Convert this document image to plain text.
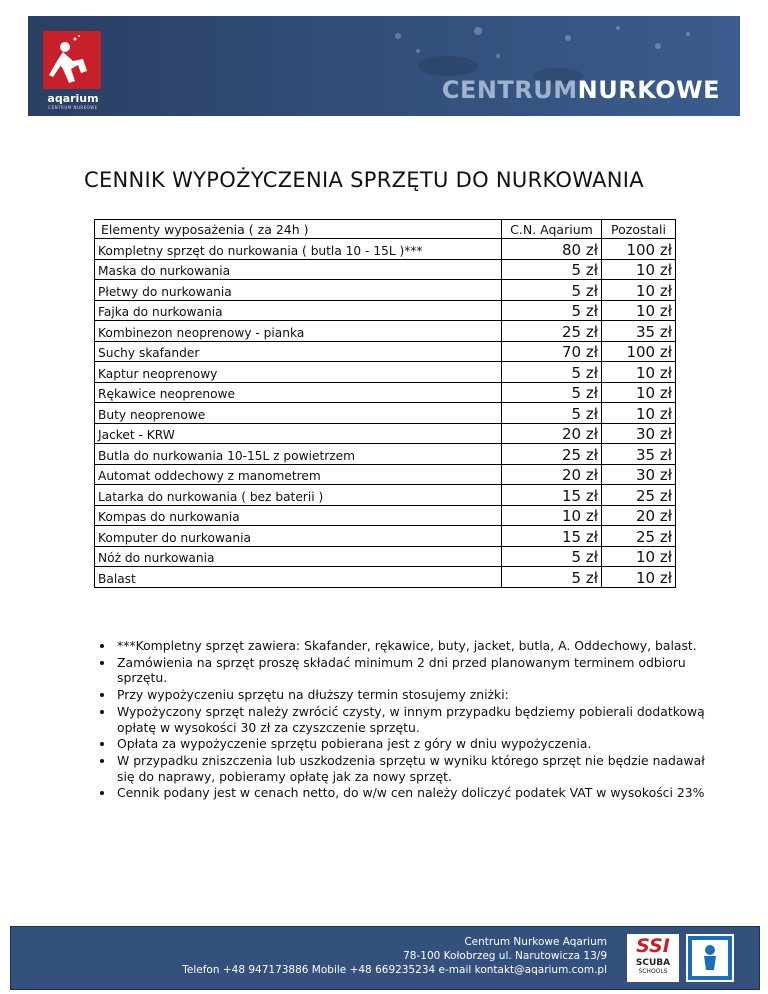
aqarium
CENTRUM NURKOWE
CENTRUMNURKOWE
CENNIK WYPOŻYCZENIA SPRZĘTU DO NURKOWANIA
Elementy wyposażenia ( za 24h )	C.N. Aqarium	Pozostali
Kompletny sprzęt do nurkowania ( butla 10 - 15L )***	80 zł	100 zł
Maska do nurkowania	5 zł	10 zł
Płetwy do nurkowania	5 zł	10 zł
Fajka do nurkowania	5 zł	10 zł
Kombinezon neoprenowy - pianka	25 zł	35 zł
Suchy skafander	70 zł	100 zł
Kaptur neoprenowy	5 zł	10 zł
Rękawice neoprenowe	5 zł	10 zł
Buty neoprenowe	5 zł	10 zł
Jacket - KRW	20 zł	30 zł
Butla do nurkowania 10-15L z powietrzem	25 zł	35 zł
Automat oddechowy z manometrem	20 zł	30 zł
Latarka do nurkowania ( bez baterii )	15 zł	25 zł
Kompas do nurkowania	10 zł	20 zł
Komputer do nurkowania	15 zł	25 zł
Nóż do nurkowania	5 zł	10 zł
Balast	5 zł	10 zł
• ***Kompletny sprzęt zawiera: Skafander, rękawice, buty, jacket, butla, A. Oddechowy, balast.
• Zamówienia na sprzęt proszę składać minimum 2 dni przed planowanym terminem odbioru sprzętu.
• Przy wypożyczeniu sprzętu na dłuższy termin stosujemy zniżki:
• Wypożyczony sprzęt należy zwrócić czysty, w innym przypadku będziemy pobierali dodatkową opłatę w wysokości 30 zł za czyszczenie sprzętu.
• Opłata za wypożyczenie sprzętu pobierana jest z góry w dniu wypożyczenia.
• W przypadku zniszczenia lub uszkodzenia sprzętu w wyniku którego sprzęt nie będzie nadawał się do naprawy, pobieramy opłatę jak za nowy sprzęt.
• Cennik podany jest w cenach netto, do w/w cen należy doliczyć podatek VAT w wysokości 23%
Centrum Nurkowe Aqarium
78-100 Kołobrzeg ul. Narutowicza 13/9
Telefon +48 947173886 Mobile +48 669235234 e-mail kontakt@aqarium.com.pl
SSI
SCUBA
SCHOOLS
